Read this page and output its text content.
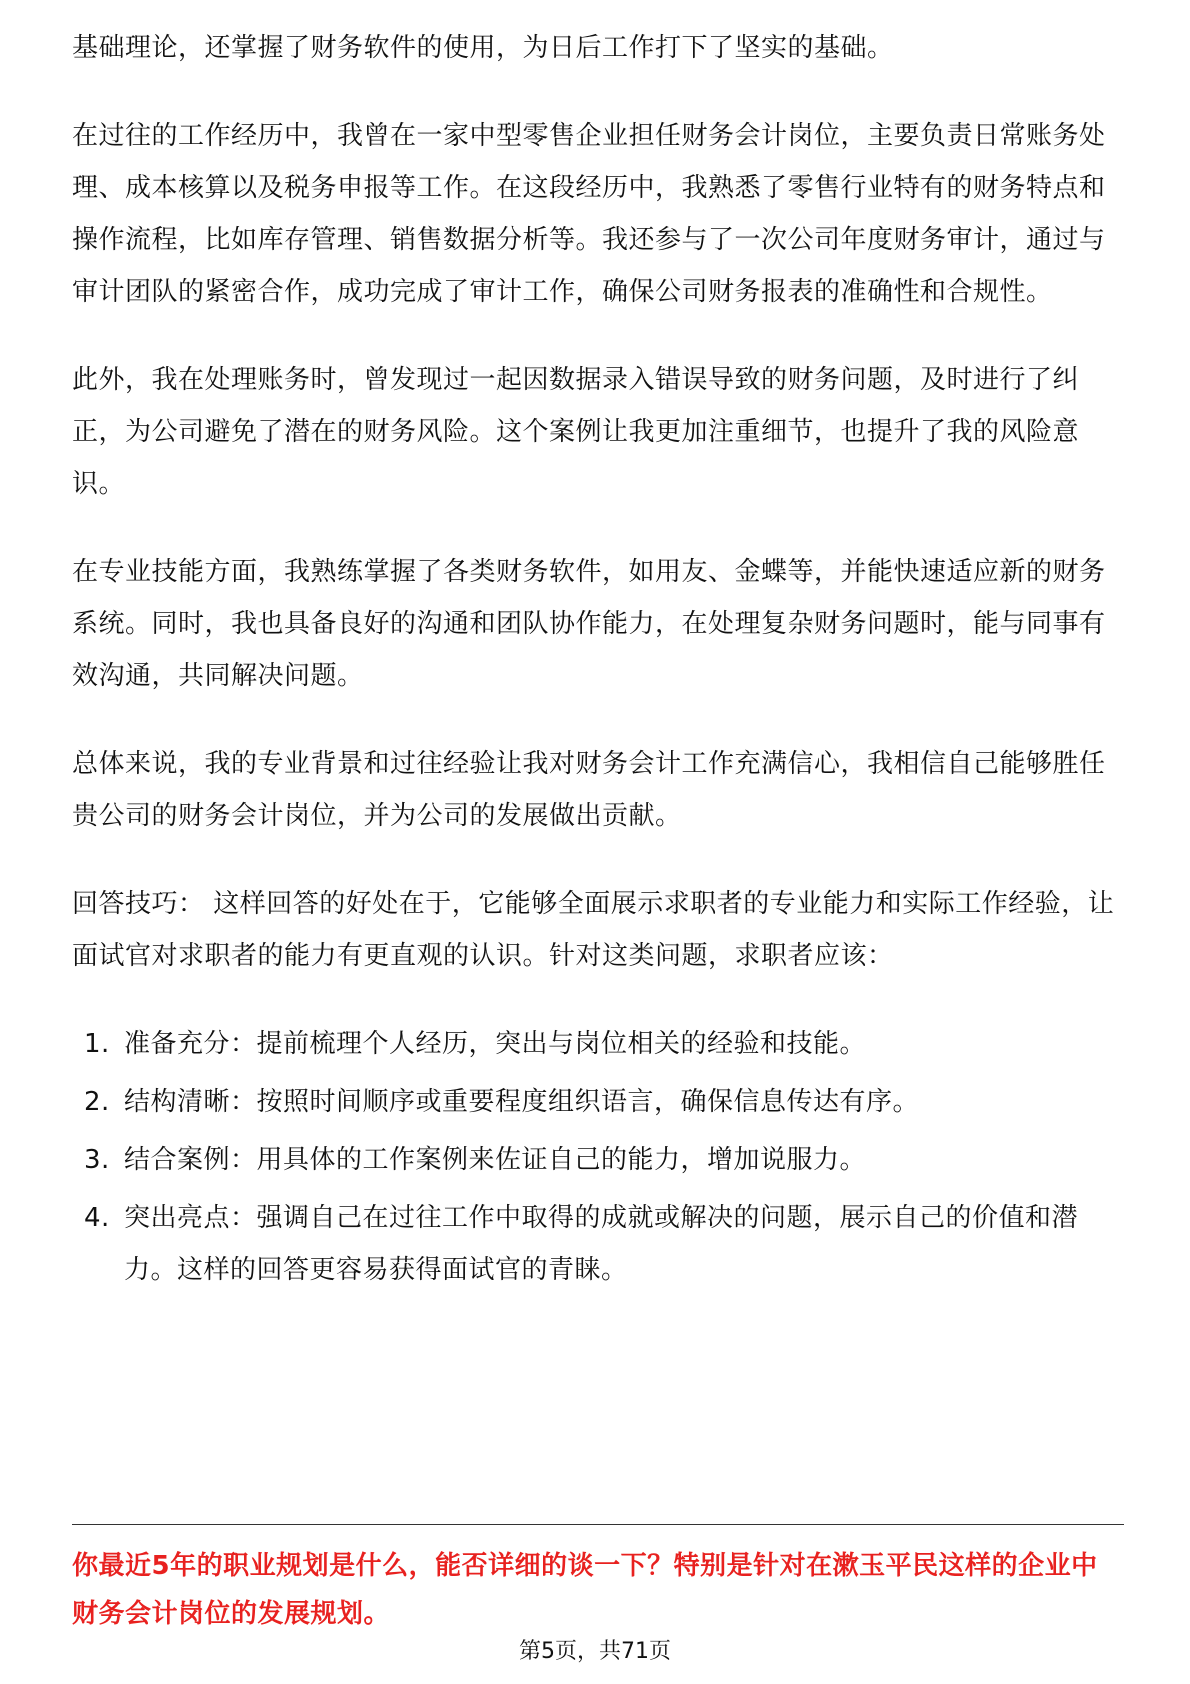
基础理论，还掌握了财务软件的使用，为日后工作打下了坚实的基础。

在过往的工作经历中，我曾在一家中型零售企业担任财务会计岗位，主要负责日常账务处理、成本核算以及税务申报等工作。在这段经历中，我熟悉了零售行业特有的财务特点和操作流程，比如库存管理、销售数据分析等。我还参与了一次公司年度财务审计，通过与审计团队的紧密合作，成功完成了审计工作，确保公司财务报表的准确性和合规性。

此外，我在处理账务时，曾发现过一起因数据录入错误导致的财务问题，及时进行了纠正，为公司避免了潜在的财务风险。这个案例让我更加注重细节，也提升了我的风险意识。

在专业技能方面，我熟练掌握了各类财务软件，如用友、金蝶等，并能快速适应新的财务系统。同时，我也具备良好的沟通和团队协作能力，在处理复杂财务问题时，能与同事有效沟通，共同解决问题。

总体来说，我的专业背景和过往经验让我对财务会计工作充满信心，我相信自己能够胜任贵公司的财务会计岗位，并为公司的发展做出贡献。

回答技巧： 这样回答的好处在于，它能够全面展示求职者的专业能力和实际工作经验，让面试官对求职者的能力有更直观的认识。针对这类问题，求职者应该：

1. 准备充分：提前梳理个人经历，突出与岗位相关的经验和技能。
2. 结构清晰：按照时间顺序或重要程度组织语言，确保信息传达有序。
3. 结合案例：用具体的工作案例来佐证自己的能力，增加说服力。
4. 突出亮点：强调自己在过往工作中取得的成就或解决的问题，展示自己的价值和潜力。这样的回答更容易获得面试官的青睐。

你最近5年的职业规划是什么，能否详细的谈一下？特别是针对在漱玉平民这样的企业中财务会计岗位的发展规划。

第5页，共71页
